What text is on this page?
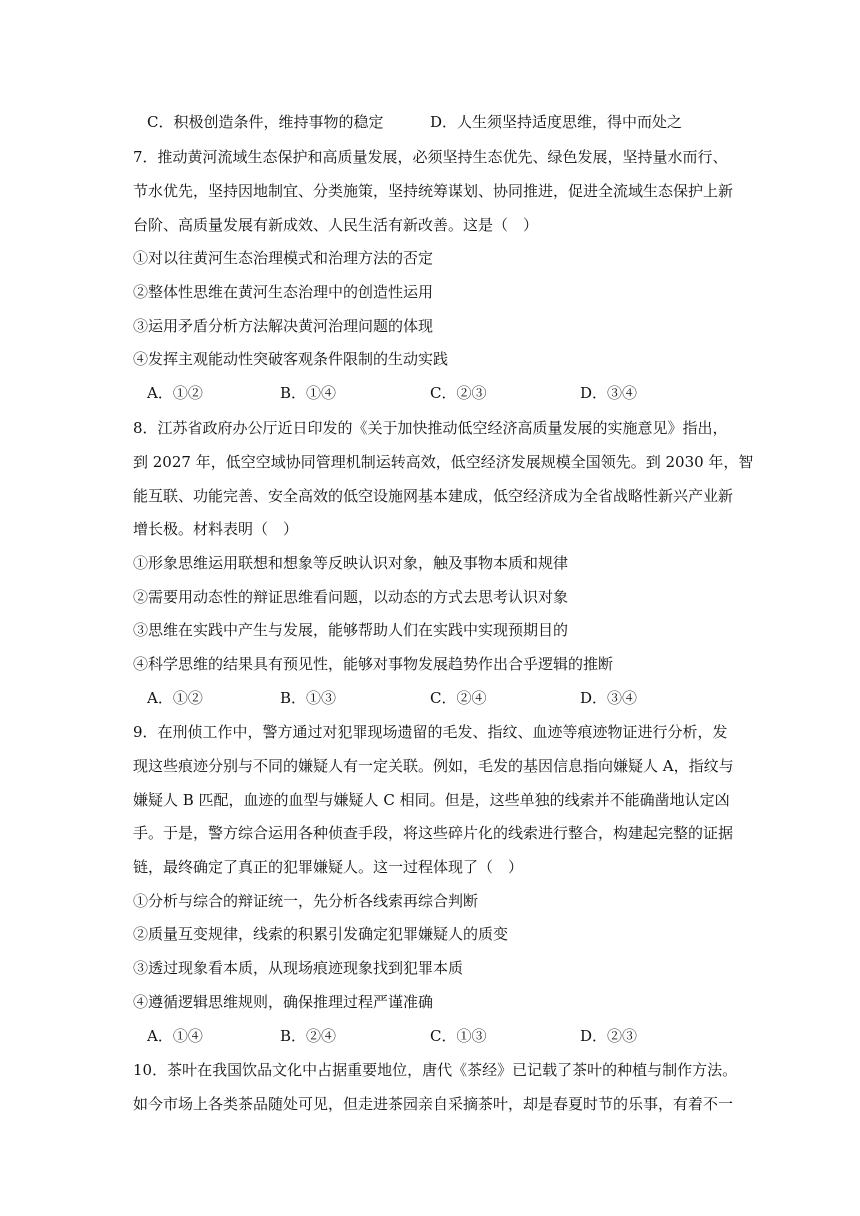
C．积极创造条件，维持事物的稳定	D．人生须坚持适度思维，得中而处之
7．推动黄河流域生态保护和高质量发展，必须坚持生态优先、绿色发展，坚持量水而行、
节水优先，坚持因地制宜、分类施策，坚持统筹谋划、协同推进，促进全流域生态保护上新
台阶、高质量发展有新成效、人民生活有新改善。这是（　）
①对以往黄河生态治理模式和治理方法的否定
②整体性思维在黄河生态治理中的创造性运用
③运用矛盾分析方法解决黄河治理问题的体现
④发挥主观能动性突破客观条件限制的生动实践
A．①②	B．①④	C．②③	D．③④
8．江苏省政府办公厅近日印发的《关于加快推动低空经济高质量发展的实施意见》指出，
到 2027 年，低空空域协同管理机制运转高效，低空经济发展规模全国领先。到 2030 年，智
能互联、功能完善、安全高效的低空设施网基本建成，低空经济成为全省战略性新兴产业新
增长极。材料表明（　）
①形象思维运用联想和想象等反映认识对象，触及事物本质和规律
②需要用动态性的辩证思维看问题，以动态的方式去思考认识对象
③思维在实践中产生与发展，能够帮助人们在实践中实现预期目的
④科学思维的结果具有预见性，能够对事物发展趋势作出合乎逻辑的推断
A．①②	B．①③	C．②④	D．③④
9．在刑侦工作中，警方通过对犯罪现场遗留的毛发、指纹、血迹等痕迹物证进行分析，发
现这些痕迹分别与不同的嫌疑人有一定关联。例如，毛发的基因信息指向嫌疑人 A，指纹与
嫌疑人 B 匹配，血迹的血型与嫌疑人 C 相同。但是，这些单独的线索并不能确凿地认定凶
手。于是，警方综合运用各种侦查手段，将这些碎片化的线索进行整合，构建起完整的证据
链，最终确定了真正的犯罪嫌疑人。这一过程体现了（　）
①分析与综合的辩证统一，先分析各线索再综合判断
②质量互变规律，线索的积累引发确定犯罪嫌疑人的质变
③透过现象看本质，从现场痕迹现象找到犯罪本质
④遵循逻辑思维规则，确保推理过程严谨准确
A．①④	B．②④	C．①③	D．②③
10．茶叶在我国饮品文化中占据重要地位，唐代《茶经》已记载了茶叶的种植与制作方法。
如今市场上各类茶品随处可见，但走进茶园亲自采摘茶叶，却是春夏时节的乐事，有着不一
